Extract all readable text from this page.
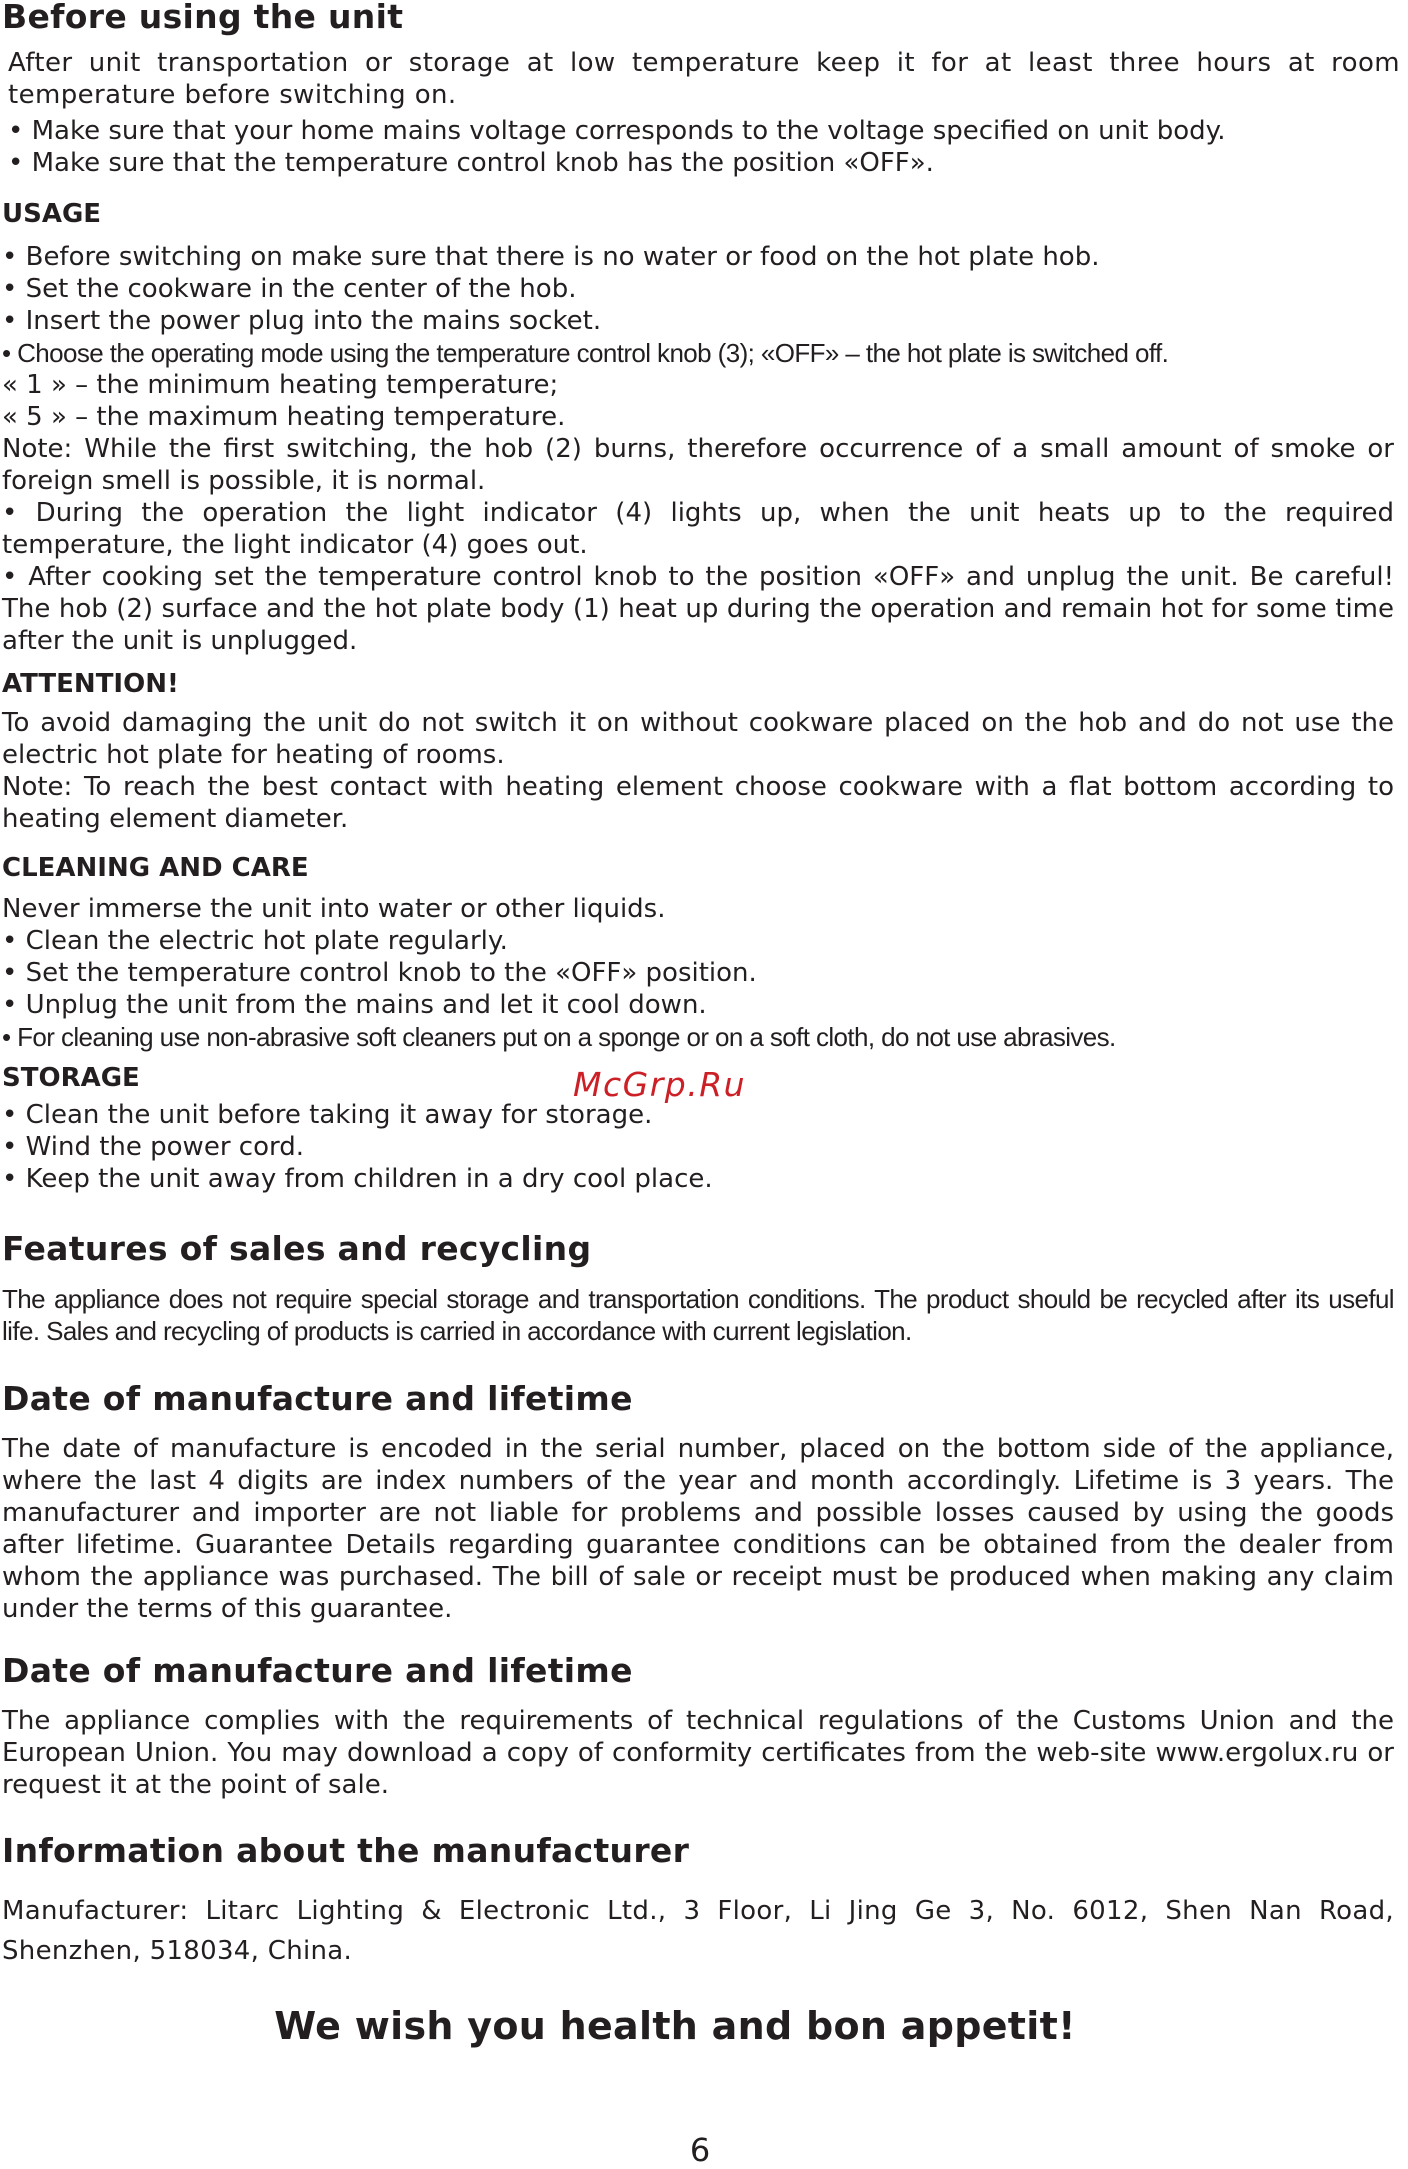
Before using the unit

After unit transportation or storage at low temperature keep it for at least three hours at room temperature before switching on.

• Make sure that your home mains voltage corresponds to the voltage specified on unit body.

• Make sure that the temperature control knob has the position «OFF».

USAGE

• Before switching on make sure that there is no water or food on the hot plate hob.

• Set the cookware in the center of the hob.

• Insert the power plug into the mains socket.

• Choose the operating mode using the temperature control knob (3); «OFF» – the hot plate is switched off.

« 1 » – the minimum heating temperature;

« 5 » – the maximum heating temperature.

Note: While the first switching, the hob (2) burns, therefore occurrence of a small amount of smoke or foreign smell is possible, it is normal.

• During the operation the light indicator (4) lights up, when the unit heats up to the required temperature, the light indicator (4) goes out.

• After cooking set the temperature control knob to the position «OFF» and unplug the unit. Be careful! The hob (2) surface and the hot plate body (1) heat up during the operation and remain hot for some time after the unit is unplugged.

ATTENTION!

To avoid damaging the unit do not switch it on without cookware placed on the hob and do not use the electric hot plate for heating of rooms.

Note: To reach the best contact with heating element choose cookware with a flat bottom according to heating element diameter.

CLEANING AND CARE

Never immerse the unit into water or other liquids.

• Clean the electric hot plate regularly.

• Set the temperature control knob to the «OFF» position.

• Unplug the unit from the mains and let it cool down.

• For cleaning use non-abrasive soft cleaners put on a sponge or on a soft cloth, do not use abrasives.

STORAGE	McGrp.Ru

• Clean the unit before taking it away for storage.

• Wind the power cord.

• Keep the unit away from children in a dry cool place.

Features of sales and recycling

The appliance does not require special storage and transportation conditions. The product should be recycled after its useful life. Sales and recycling of products is carried in accordance with current legislation.

Date of manufacture and lifetime

The date of manufacture is encoded in the serial number, placed on the bottom side of the appliance, where the last 4 digits are index numbers of the year and month accordingly. Lifetime is 3 years. The manufacturer and importer are not liable for problems and possible losses caused by using the goods after lifetime. Guarantee Details regarding guarantee conditions can be obtained from the dealer from whom the appliance was purchased. The bill of sale or receipt must be produced when making any claim under the terms of this guarantee.

Date of manufacture and lifetime

The appliance complies with the requirements of technical regulations of the Customs Union and the European Union. You may download a copy of conformity certificates from the web-site www.ergolux.ru or request it at the point of sale.

Information about the manufacturer

Manufacturer: Litarc Lighting & Electronic Ltd., 3 Floor, Li Jing Ge 3, No. 6012, Shen Nan Road, Shenzhen, 518034, China.

We wish you health and bon appetit!
6
